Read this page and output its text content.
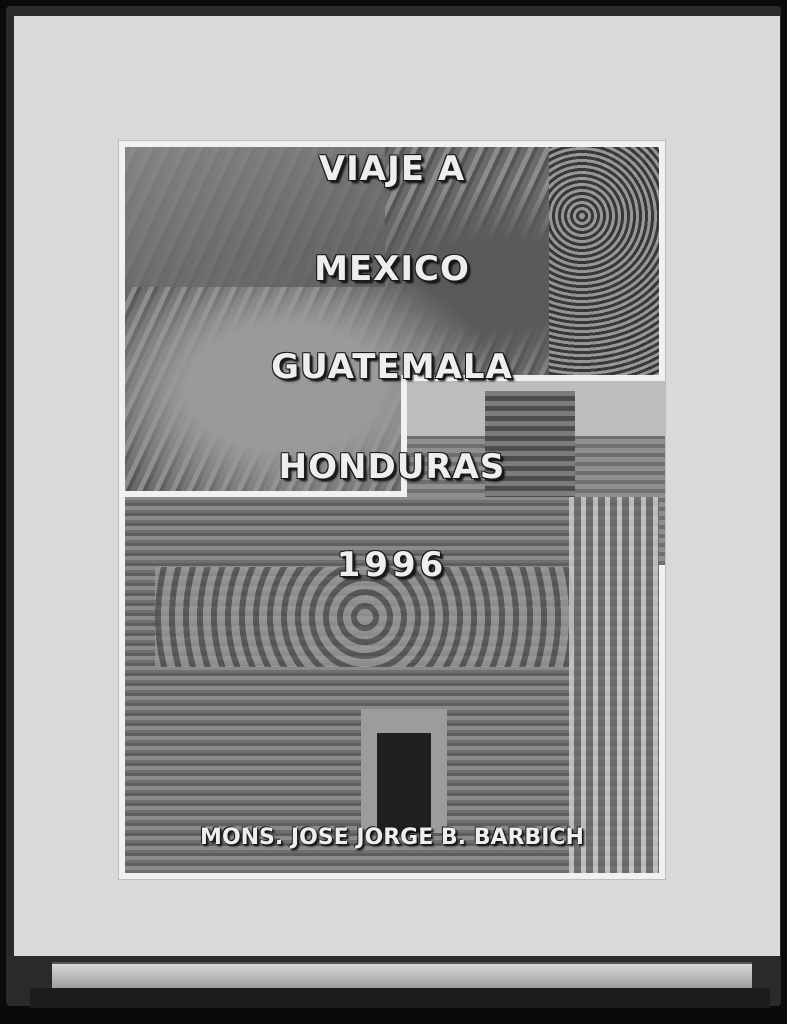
VIAJE A
MEXICO
GUATEMALA
HONDURAS
1996
MONS. JOSE JORGE B. BARBICH
